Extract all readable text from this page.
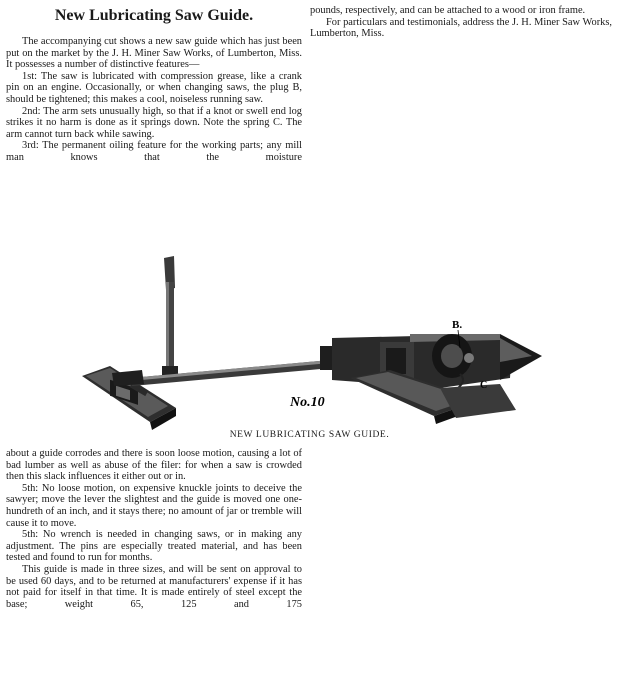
New Lubricating Saw Guide.

The accompanying cut shows a new saw guide which has just been put on the market by the J. H. Miner Saw Works, of Lumberton, Miss. It possesses a number of distinctive features—

1st: The saw is lubricated with compression grease, like a crank pin on an engine. Occasionally, or when changing saws, the plug B, should be tightened; this makes a cool, noiseless running saw.

2nd: The arm sets unusually high, so that if a knot or swell end log strikes it no harm is done as it springs down. Note the spring C. The arm cannot turn back while sawing.

3rd: The permanent oiling feature for the working parts; any mill man knows that the moisture

pounds, respectively, and can be attached to a wood or iron frame.

For particulars and testimonials, address the J. H. Miner Saw Works, Lumberton, Miss.

B.
C
No.10
NEW LUBRICATING SAW GUIDE.

about a guide corrodes and there is soon loose motion, causing a lot of bad lumber as well as abuse of the filer: for when a saw is crowded then this slack influences it either out or in.

5th: No loose motion, on expensive knuckle joints to deceive the sawyer; move the lever the slightest and the guide is moved one one-hundreth of an inch, and it stays there; no amount of jar or tremble will cause it to move.

5th: No wrench is needed in changing saws, or in making any adjustment. The pins are especially treated material, and has been tested and found to run for months.

This guide is made in three sizes, and will be sent on approval to be used 60 days, and to be returned at manufacturers' expense if it has not paid for itself in that time. It is made entirely of steel except the base; weight 65, 125 and 175
